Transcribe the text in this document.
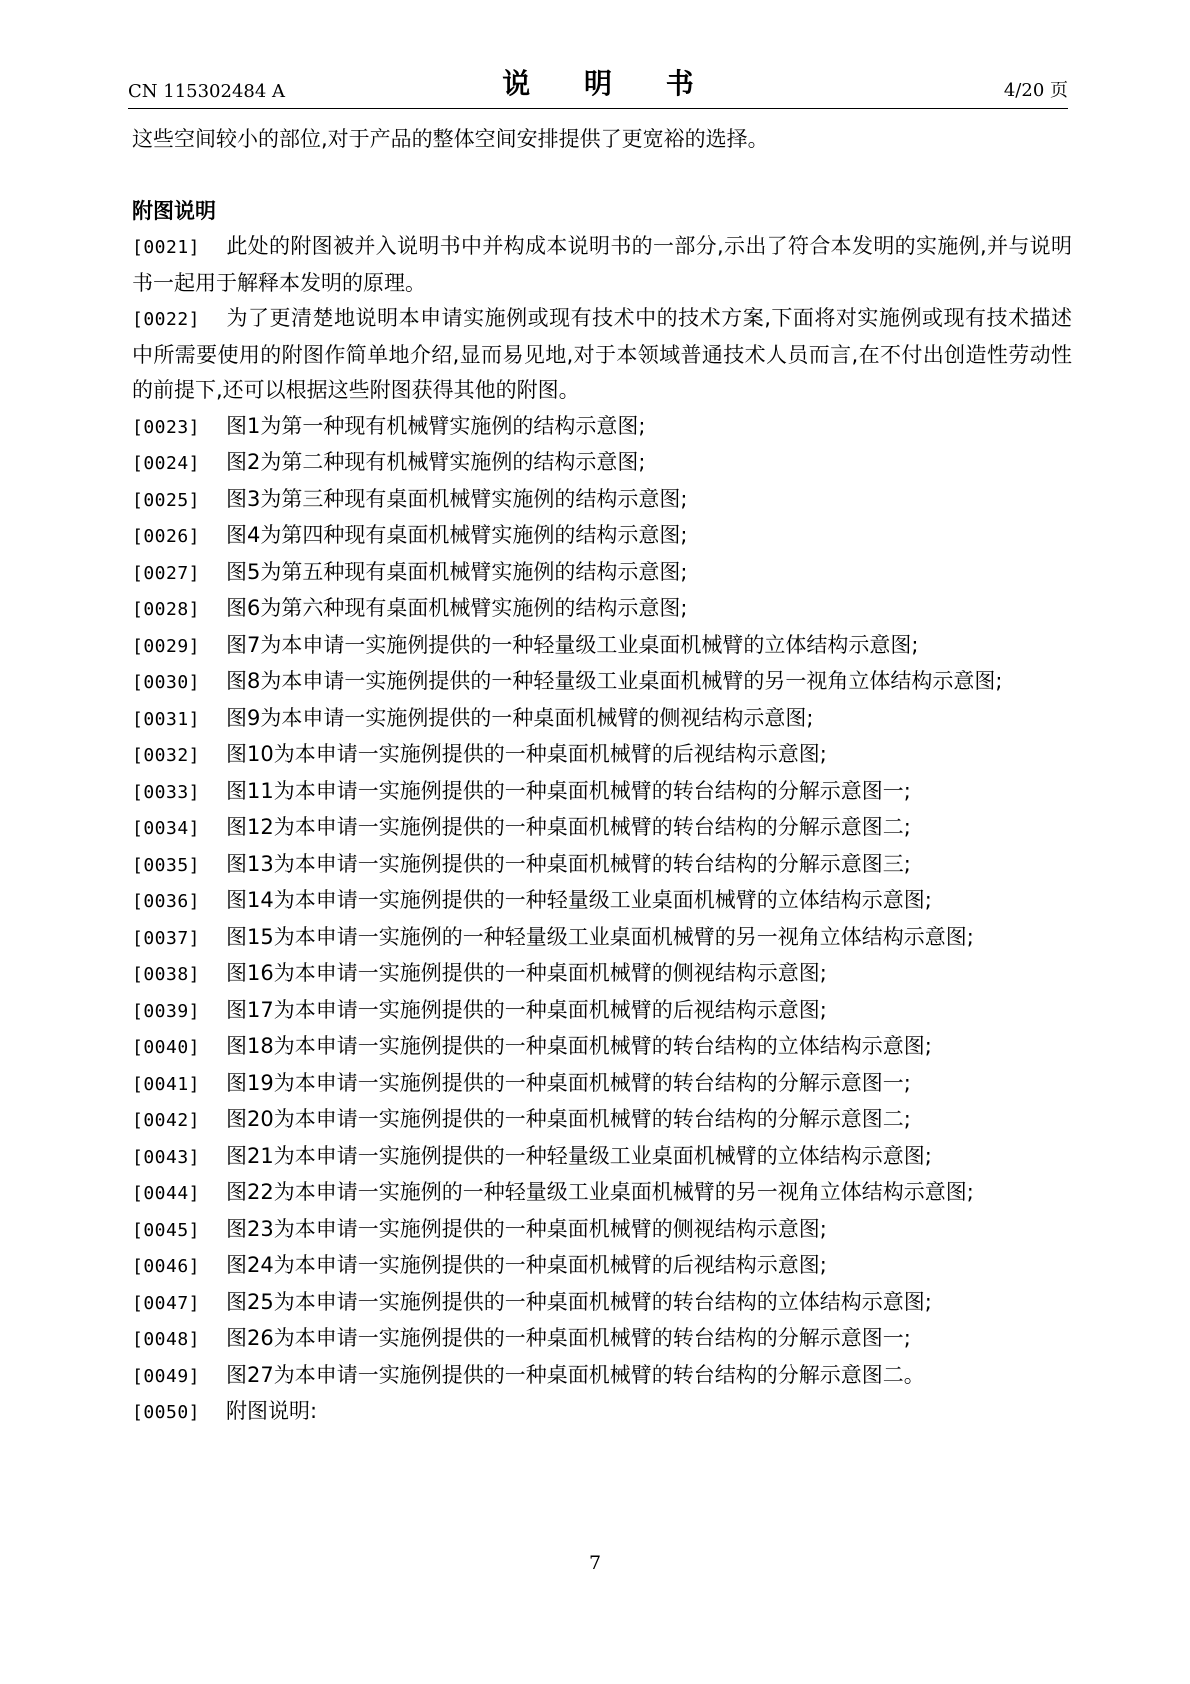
CN 115302484 A	说 明 书	4/20 页

这些空间较小的部位,对于产品的整体空间安排提供了更宽裕的选择。

附图说明

[0021] 此处的附图被并入说明书中并构成本说明书的一部分,示出了符合本发明的实施例,并与说明书一起用于解释本发明的原理。

[0022] 为了更清楚地说明本申请实施例或现有技术中的技术方案,下面将对实施例或现有技术描述中所需要使用的附图作简单地介绍,显而易见地,对于本领域普通技术人员而言,在不付出创造性劳动性的前提下,还可以根据这些附图获得其他的附图。

[0023] 图1为第一种现有机械臂实施例的结构示意图;

[0024] 图2为第二种现有机械臂实施例的结构示意图;

[0025] 图3为第三种现有桌面机械臂实施例的结构示意图;

[0026] 图4为第四种现有桌面机械臂实施例的结构示意图;

[0027] 图5为第五种现有桌面机械臂实施例的结构示意图;

[0028] 图6为第六种现有桌面机械臂实施例的结构示意图;

[0029] 图7为本申请一实施例提供的一种轻量级工业桌面机械臂的立体结构示意图;

[0030] 图8为本申请一实施例提供的一种轻量级工业桌面机械臂的另一视角立体结构示意图;

[0031] 图9为本申请一实施例提供的一种桌面机械臂的侧视结构示意图;

[0032] 图10为本申请一实施例提供的一种桌面机械臂的后视结构示意图;

[0033] 图11为本申请一实施例提供的一种桌面机械臂的转台结构的分解示意图一;

[0034] 图12为本申请一实施例提供的一种桌面机械臂的转台结构的分解示意图二;

[0035] 图13为本申请一实施例提供的一种桌面机械臂的转台结构的分解示意图三;

[0036] 图14为本申请一实施例提供的一种轻量级工业桌面机械臂的立体结构示意图;

[0037] 图15为本申请一实施例的一种轻量级工业桌面机械臂的另一视角立体结构示意图;

[0038] 图16为本申请一实施例提供的一种桌面机械臂的侧视结构示意图;

[0039] 图17为本申请一实施例提供的一种桌面机械臂的后视结构示意图;

[0040] 图18为本申请一实施例提供的一种桌面机械臂的转台结构的立体结构示意图;

[0041] 图19为本申请一实施例提供的一种桌面机械臂的转台结构的分解示意图一;

[0042] 图20为本申请一实施例提供的一种桌面机械臂的转台结构的分解示意图二;

[0043] 图21为本申请一实施例提供的一种轻量级工业桌面机械臂的立体结构示意图;

[0044] 图22为本申请一实施例的一种轻量级工业桌面机械臂的另一视角立体结构示意图;

[0045] 图23为本申请一实施例提供的一种桌面机械臂的侧视结构示意图;

[0046] 图24为本申请一实施例提供的一种桌面机械臂的后视结构示意图;

[0047] 图25为本申请一实施例提供的一种桌面机械臂的转台结构的立体结构示意图;

[0048] 图26为本申请一实施例提供的一种桌面机械臂的转台结构的分解示意图一;

[0049] 图27为本申请一实施例提供的一种桌面机械臂的转台结构的分解示意图二。

[0050] 附图说明:

7
